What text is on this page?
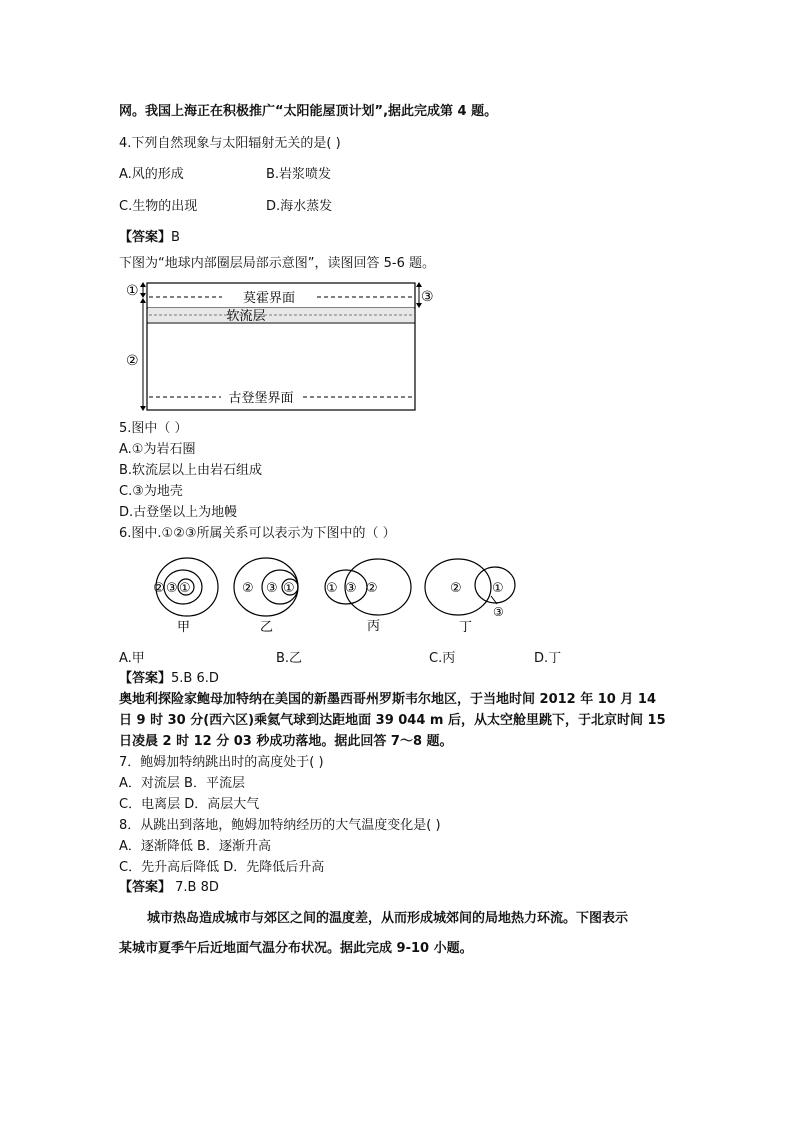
网。我国上海正在积极推广“太阳能屋顶计划”,据此完成第 4 题。
4.下列自然现象与太阳辐射无关的是( )
A.风的形成	B.岩浆喷发
C.生物的出现	D.海水蒸发
【答案】B
下图为“地球内部圈层局部示意图”，读图回答 5-6 题。
莫霍界面
软流层
古登堡界面
①
②
③
5.图中（ ）
A.①为岩石圈
B.软流层以上由岩石组成
C.③为地壳
D.古登堡以上为地幔
6.图中.①②③所属关系可以表示为下图中的（ ）
② ③ ①
甲
② ③ ①
乙
① ③ ②
丙
② ①
③
丁
A.甲	B.乙	C.丙	D.丁
【答案】5.B 6.D
奥地利探险家鲍母加特纳在美国的新墨西哥州罗斯韦尔地区，于当地时间 2012 年 10 月 14
日 9 时 30 分(西六区)乘氦气球到达距地面 39 044 m 后，从太空舱里跳下，于北京时间 15
日凌晨 2 时 12 分 03 秒成功落地。据此回答 7～8 题。
7．鲍姆加特纳跳出时的高度处于( )
A．对流层 B．平流层
C．电离层 D．高层大气
8．从跳出到落地，鲍姆加特纳经历的大气温度变化是( )
A．逐渐降低 B．逐渐升高
C．先升高后降低 D．先降低后升高
【答案】 7.B 8D
城市热岛造成城市与郊区之间的温度差，从而形成城郊间的局地热力环流。下图表示
某城市夏季午后近地面气温分布状况。据此完成 9-10 小题。
